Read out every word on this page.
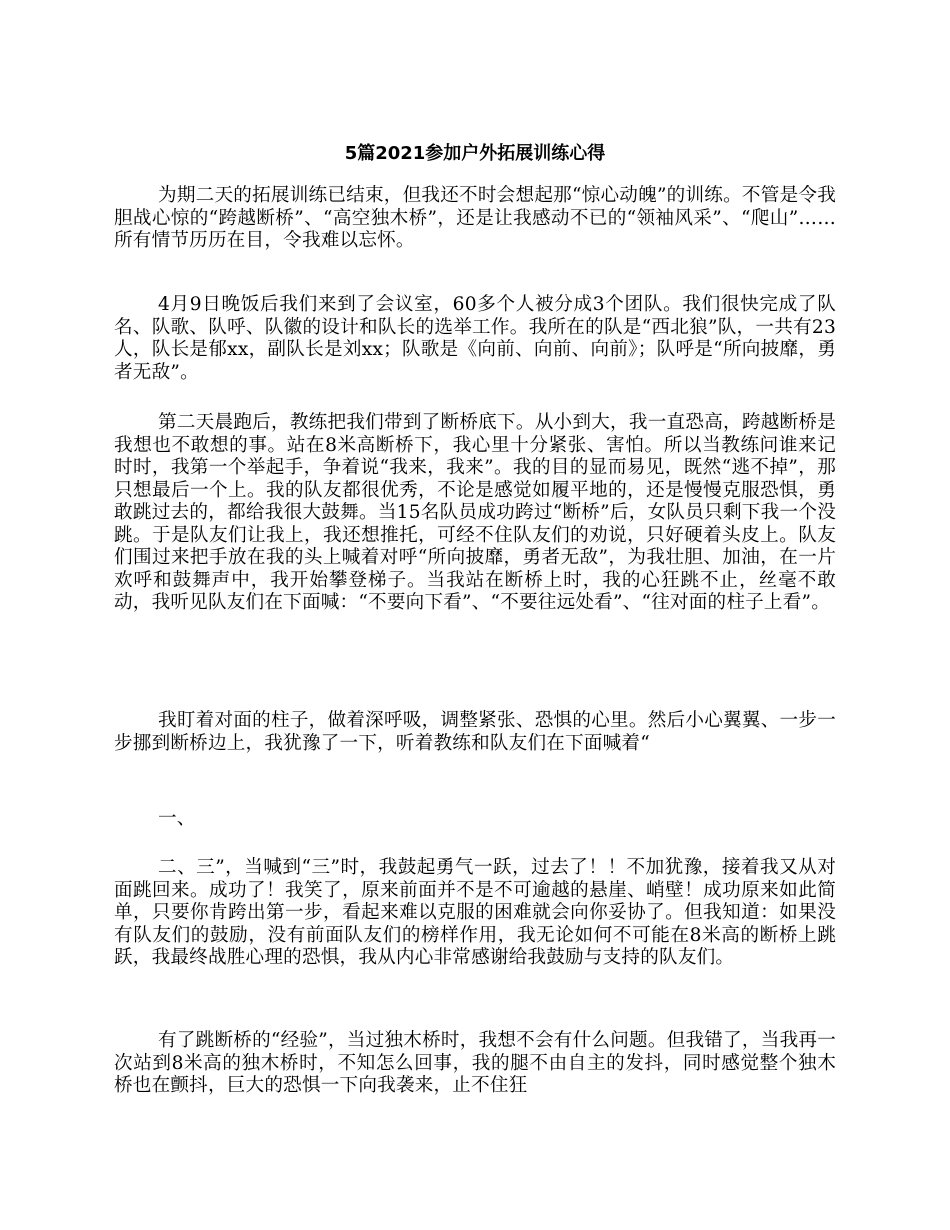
5篇2021参加户外拓展训练心得

为期二天的拓展训练已结束，但我还不时会想起那“惊心动魄”的训练。不管是令我胆战心惊的“跨越断桥”、“高空独木桥”，还是让我感动不已的“领袖风采”、“爬山”……所有情节历历在目，令我难以忘怀。

4月9日晚饭后我们来到了会议室，60多个人被分成3个团队。我们很快完成了队名、队歌、队呼、队徽的设计和队长的选举工作。我所在的队是“西北狼”队，一共有23人，队长是郁xx，副队长是刘xx；队歌是《向前、向前、向前》；队呼是“所向披靡，勇者无敌”。

第二天晨跑后，教练把我们带到了断桥底下。从小到大，我一直恐高，跨越断桥是我想也不敢想的事。站在8米高断桥下，我心里十分紧张、害怕。所以当教练问谁来记时时，我第一个举起手，争着说“我来，我来”。我的目的显而易见，既然“逃不掉”，那只想最后一个上。我的队友都很优秀，不论是感觉如履平地的，还是慢慢克服恐惧，勇敢跳过去的，都给我很大鼓舞。当15名队员成功跨过“断桥”后，女队员只剩下我一个没跳。于是队友们让我上，我还想推托，可经不住队友们的劝说，只好硬着头皮上。队友们围过来把手放在我的头上喊着对呼“所向披靡，勇者无敌”，为我壮胆、加油，在一片欢呼和鼓舞声中，我开始攀登梯子。当我站在断桥上时，我的心狂跳不止，丝毫不敢动，我听见队友们在下面喊：“不要向下看”、“不要往远处看”、“往对面的柱子上看”。

我盯着对面的柱子，做着深呼吸，调整紧张、恐惧的心里。然后小心翼翼、一步一步挪到断桥边上，我犹豫了一下，听着教练和队友们在下面喊着“

一、

二、三”，当喊到“三”时，我鼓起勇气一跃，过去了！！不加犹豫，接着我又从对面跳回来。成功了！我笑了，原来前面并不是不可逾越的悬崖、峭壁！成功原来如此简单，只要你肯跨出第一步，看起来难以克服的困难就会向你妥协了。但我知道：如果没有队友们的鼓励，没有前面队友们的榜样作用，我无论如何不可能在8米高的断桥上跳跃，我最终战胜心理的恐惧，我从内心非常感谢给我鼓励与支持的队友们。

有了跳断桥的“经验”，当过独木桥时，我想不会有什么问题。但我错了，当我再一次站到8米高的独木桥时，不知怎么回事，我的腿不由自主的发抖，同时感觉整个独木桥也在颤抖，巨大的恐惧一下向我袭来，止不住狂
